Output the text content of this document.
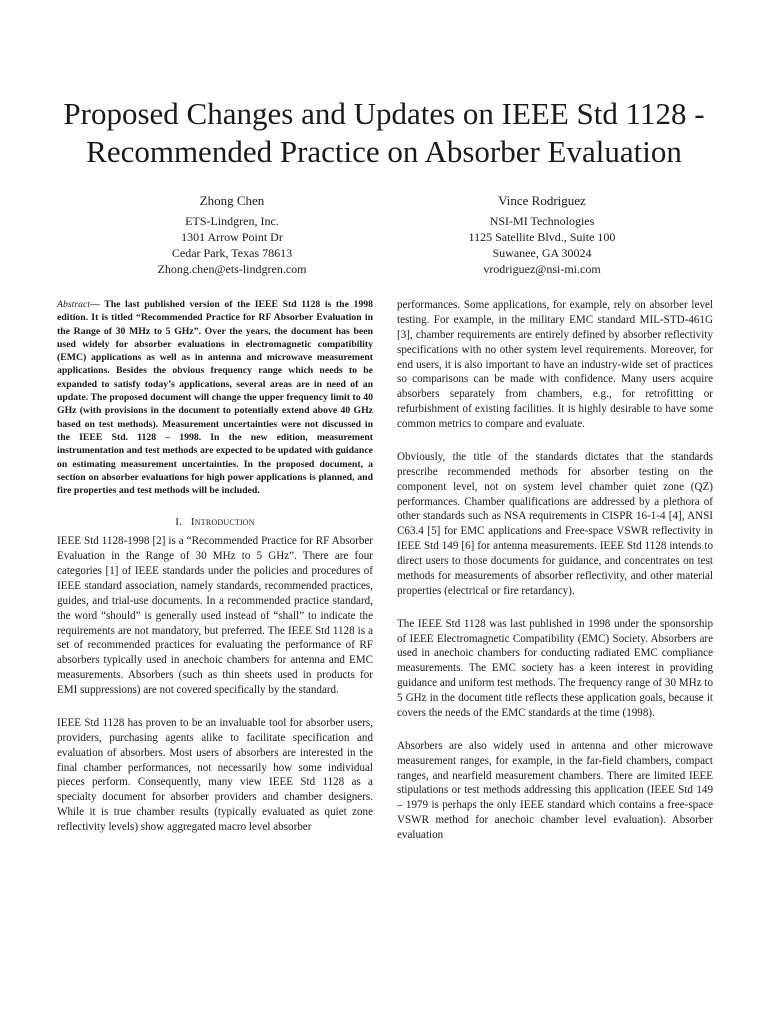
Proposed Changes and Updates on IEEE Std 1128 -
Recommended Practice on Absorber Evaluation
Zhong Chen
ETS-Lindgren, Inc.
1301 Arrow Point Dr
Cedar Park, Texas 78613
Zhong.chen@ets-lindgren.com
Vince Rodriguez
NSI-MI Technologies
1125 Satellite Blvd., Suite 100
Suwanee, GA 30024
vrodriguez@nsi-mi.com

Abstract— The last published version of the IEEE Std 1128 is the 1998 edition. It is titled “Recommended Practice for RF Absorber Evaluation in the Range of 30 MHz to 5 GHz”. Over the years, the document has been used widely for absorber evaluations in electromagnetic compatibility (EMC) applications as well as in antenna and microwave measurement applications. Besides the obvious frequency range which needs to be expanded to satisfy today’s applications, several areas are in need of an update. The proposed document will change the upper frequency limit to 40 GHz (with provisions in the document to potentially extend above 40 GHz based on test methods). Measurement uncertainties were not discussed in the IEEE Std. 1128 – 1998. In the new edition, measurement instrumentation and test methods are expected to be updated with guidance on estimating measurement uncertainties. In the proposed document, a section on absorber evaluations for high power applications is planned, and fire properties and test methods will be included.

I. Introduction

IEEE Std 1128-1998 [2] is a “Recommended Practice for RF Absorber Evaluation in the Range of 30 MHz to 5 GHz”. There are four categories [1] of IEEE standards under the policies and procedures of IEEE standard association, namely standards, recommended practices, guides, and trial-use documents. In a recommended practice standard, the word “should” is generally used instead of “shall” to indicate the requirements are not mandatory, but preferred. The IEEE Std 1128 is a set of recommended practices for evaluating the performance of RF absorbers typically used in anechoic chambers for antenna and EMC measurements. Absorbers (such as thin sheets used in products for EMI suppressions) are not covered specifically by the standard.

IEEE Std 1128 has proven to be an invaluable tool for absorber users, providers, purchasing agents alike to facilitate specification and evaluation of absorbers. Most users of absorbers are interested in the final chamber performances, not necessarily how some individual pieces perform. Consequently, many view IEEE Std 1128 as a specialty document for absorber providers and chamber designers. While it is true chamber results (typically evaluated as quiet zone reflectivity levels) show aggregated macro level absorber

performances. Some applications, for example, rely on absorber level testing. For example, in the military EMC standard MIL-STD-461G [3], chamber requirements are entirely defined by absorber reflectivity specifications with no other system level requirements. Moreover, for end users, it is also important to have an industry-wide set of practices so comparisons can be made with confidence. Many users acquire absorbers separately from chambers, e.g., for retrofitting or refurbishment of existing facilities. It is highly desirable to have some common metrics to compare and evaluate.

Obviously, the title of the standards dictates that the standards prescribe recommended methods for absorber testing on the component level, not on system level chamber quiet zone (QZ) performances. Chamber qualifications are addressed by a plethora of other standards such as NSA requirements in CISPR 16-1-4 [4], ANSI C63.4 [5] for EMC applications and Free-space VSWR reflectivity in IEEE Std 149 [6] for antenna measurements. IEEE Std 1128 intends to direct users to those documents for guidance, and concentrates on test methods for measurements of absorber reflectivity, and other material properties (electrical or fire retardancy).

The IEEE Std 1128 was last published in 1998 under the sponsorship of IEEE Electromagnetic Compatibility (EMC) Society. Absorbers are used in anechoic chambers for conducting radiated EMC compliance measurements. The EMC society has a keen interest in providing guidance and uniform test methods. The frequency range of 30 MHz to 5 GHz in the document title reflects these application goals, because it covers the needs of the EMC standards at the time (1998).

Absorbers are also widely used in antenna and other microwave measurement ranges, for example, in the far-field chambers, compact ranges, and nearfield measurement chambers. There are limited IEEE stipulations or test methods addressing this application (IEEE Std 149 – 1979 is perhaps the only IEEE standard which contains a free-space VSWR method for anechoic chamber level evaluation). Absorber evaluation
